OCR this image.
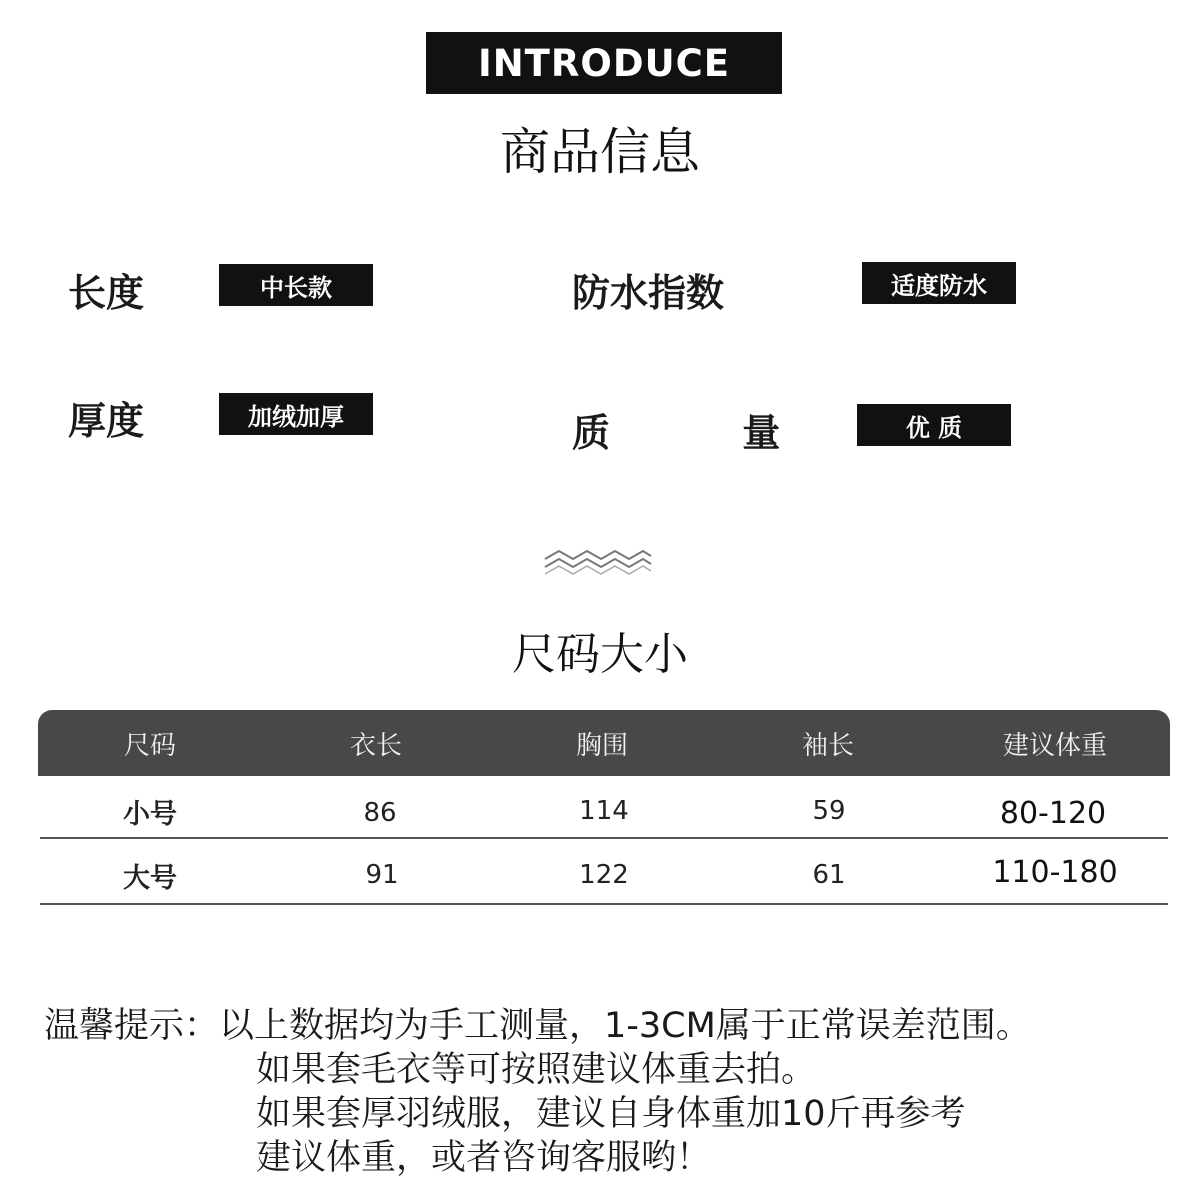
INTRODUCE
商品信息
长度	中长款	防水指数	适度防水
厚度	加绒加厚	质          量	优 质
尺码大小
尺码	衣长	胸围	袖长	建议体重
小号	86	114	59	80-120
大号	91	122	61	110-180
温馨提示：以上数据均为手工测量，1-3CM属于正常误差范围。
如果套毛衣等可按照建议体重去拍。
如果套厚羽绒服，建议自身体重加10斤再参考
建议体重，或者咨询客服哟！
